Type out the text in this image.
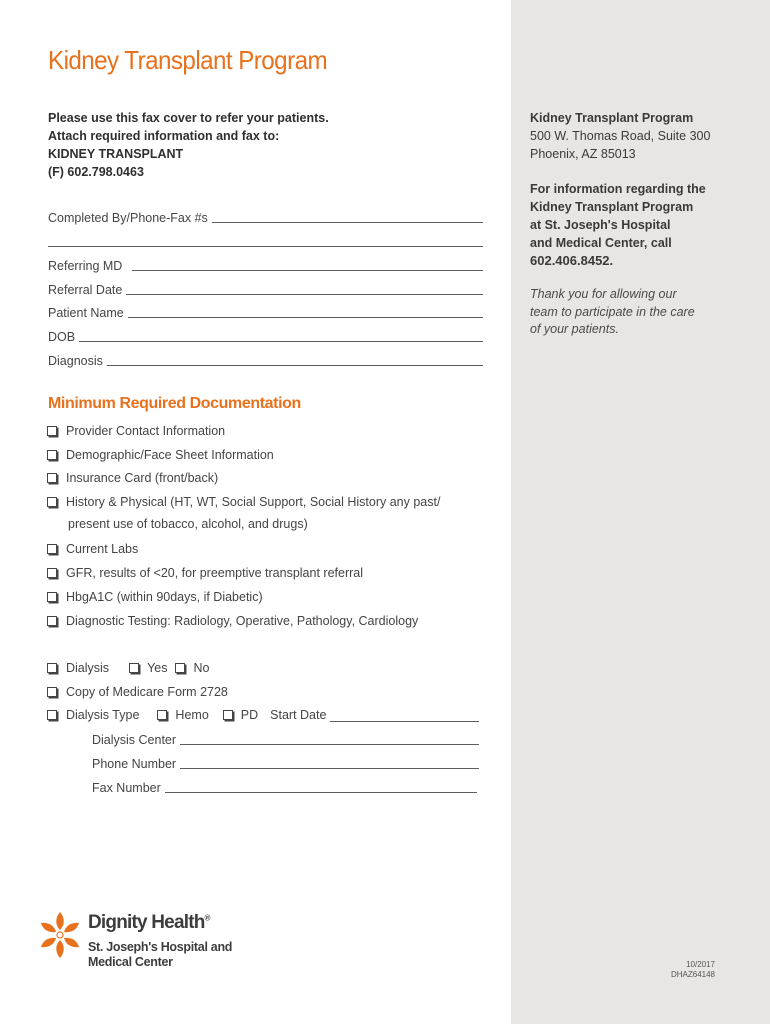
Kidney Transplant Program
Please use this fax cover to refer your patients.
Attach required information and fax to:
KIDNEY TRANSPLANT
(F) 602.798.0463
Completed By/Phone-Fax #s
Referring MD
Referral Date
Patient Name
DOB
Diagnosis
Minimum Required Documentation
Provider Contact Information
Demographic/Face Sheet Information
Insurance Card (front/back)
History & Physical (HT, WT, Social Support, Social History any past/
present use of tobacco, alcohol, and drugs)
Current Labs
GFR, results of <20, for preemptive transplant referral
HbgA1C (within 90days, if Diabetic)
Diagnostic Testing: Radiology, Operative, Pathology, Cardiology
Dialysis	Yes No
Copy of Medicare Form 2728
Dialysis Type	Hemo	PD Start Date
Dialysis Center
Phone Number
Fax Number
Kidney Transplant Program
500 W. Thomas Road, Suite 300
Phoenix, AZ 85013
For information regarding the
Kidney Transplant Program
at St. Joseph's Hospital
and Medical Center, call
602.406.8452.
Thank you for allowing our
team to participate in the care
of your patients.
Dignity Health®
St. Joseph's Hospital and
Medical Center	10/2017
DHAZ64148
